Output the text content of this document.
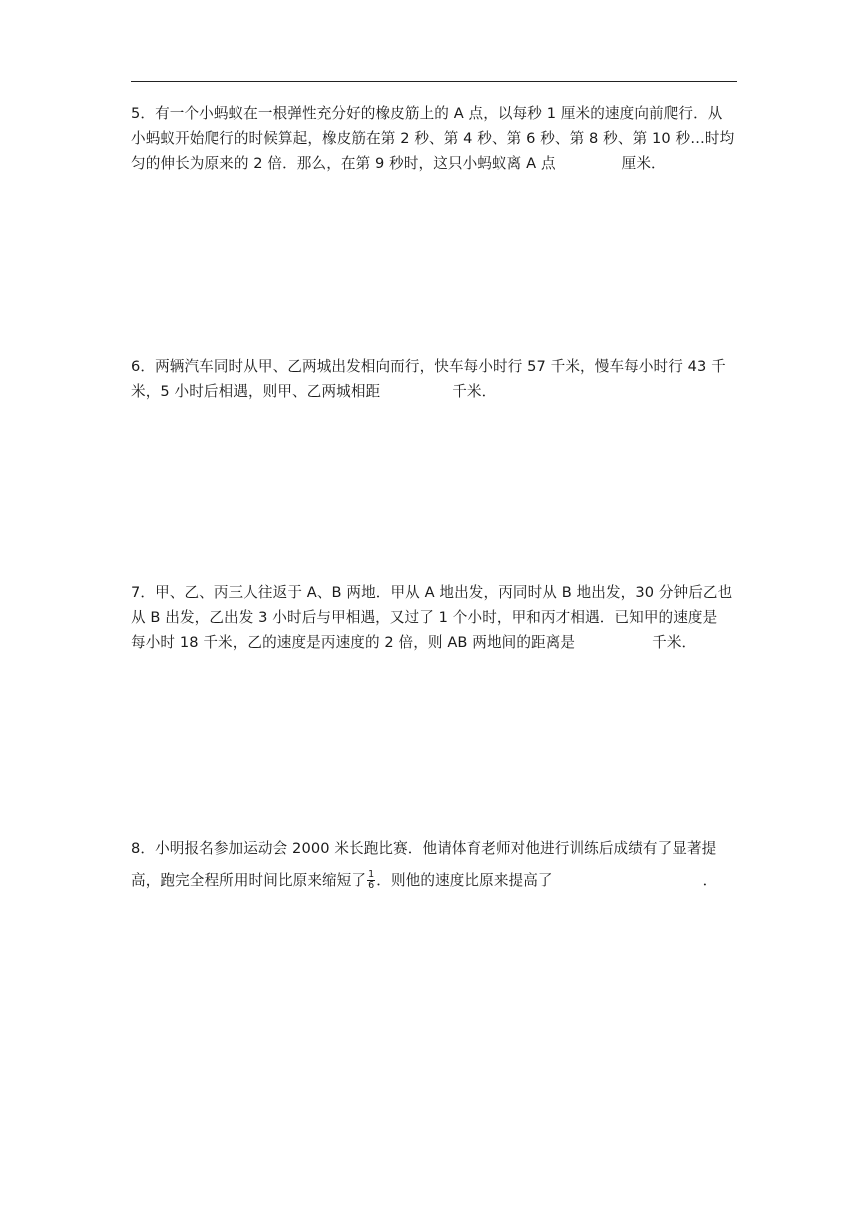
5．有一个小蚂蚁在一根弹性充分好的橡皮筋上的 A 点，以每秒 1 厘米的速度向前爬行．从
小蚂蚁开始爬行的时候算起，橡皮筋在第 2 秒、第 4 秒、第 6 秒、第 8 秒、第 10 秒…时均
匀的伸长为原来的 2 倍．那么，在第 9 秒时，这只小蚂蚁离 A 点	厘米．
6．两辆汽车同时从甲、乙两城出发相向而行，快车每小时行 57 千米，慢车每小时行 43 千
米，5 小时后相遇，则甲、乙两城相距	千米．
7．甲、乙、丙三人往返于 A、B 两地．甲从 A 地出发，丙同时从 B 地出发，30 分钟后乙也
从 B 出发，乙出发 3 小时后与甲相遇，又过了 1 个小时，甲和丙才相遇．已知甲的速度是
每小时 18 千米，乙的速度是丙速度的 2 倍，则 AB 两地间的距离是	千米．
8．小明报名参加运动会 2000 米长跑比赛．他请体育老师对他进行训练后成绩有了显著提
高，跑完全程所用时间比原来缩短了 $\frac{1}{6}$ ．则他的速度比原来提高了	．
